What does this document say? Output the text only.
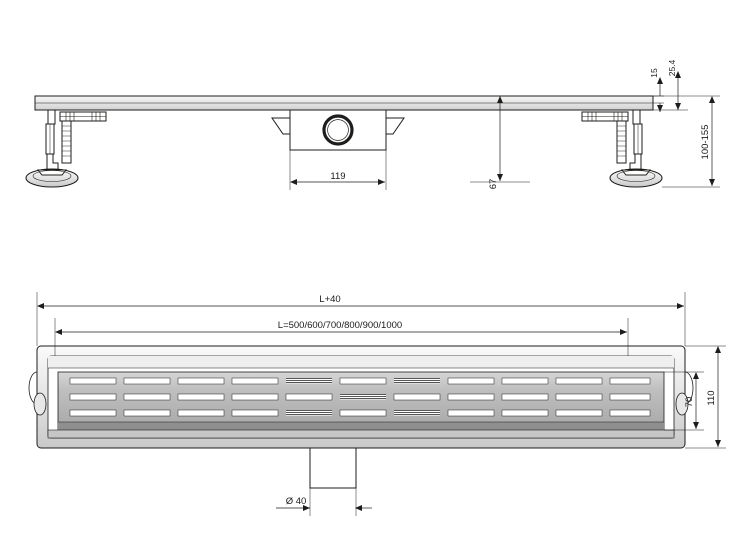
119
67
15 25.4
100-155
L+40
L=500/600/700/800/900/1000
70 110
Ø 40
